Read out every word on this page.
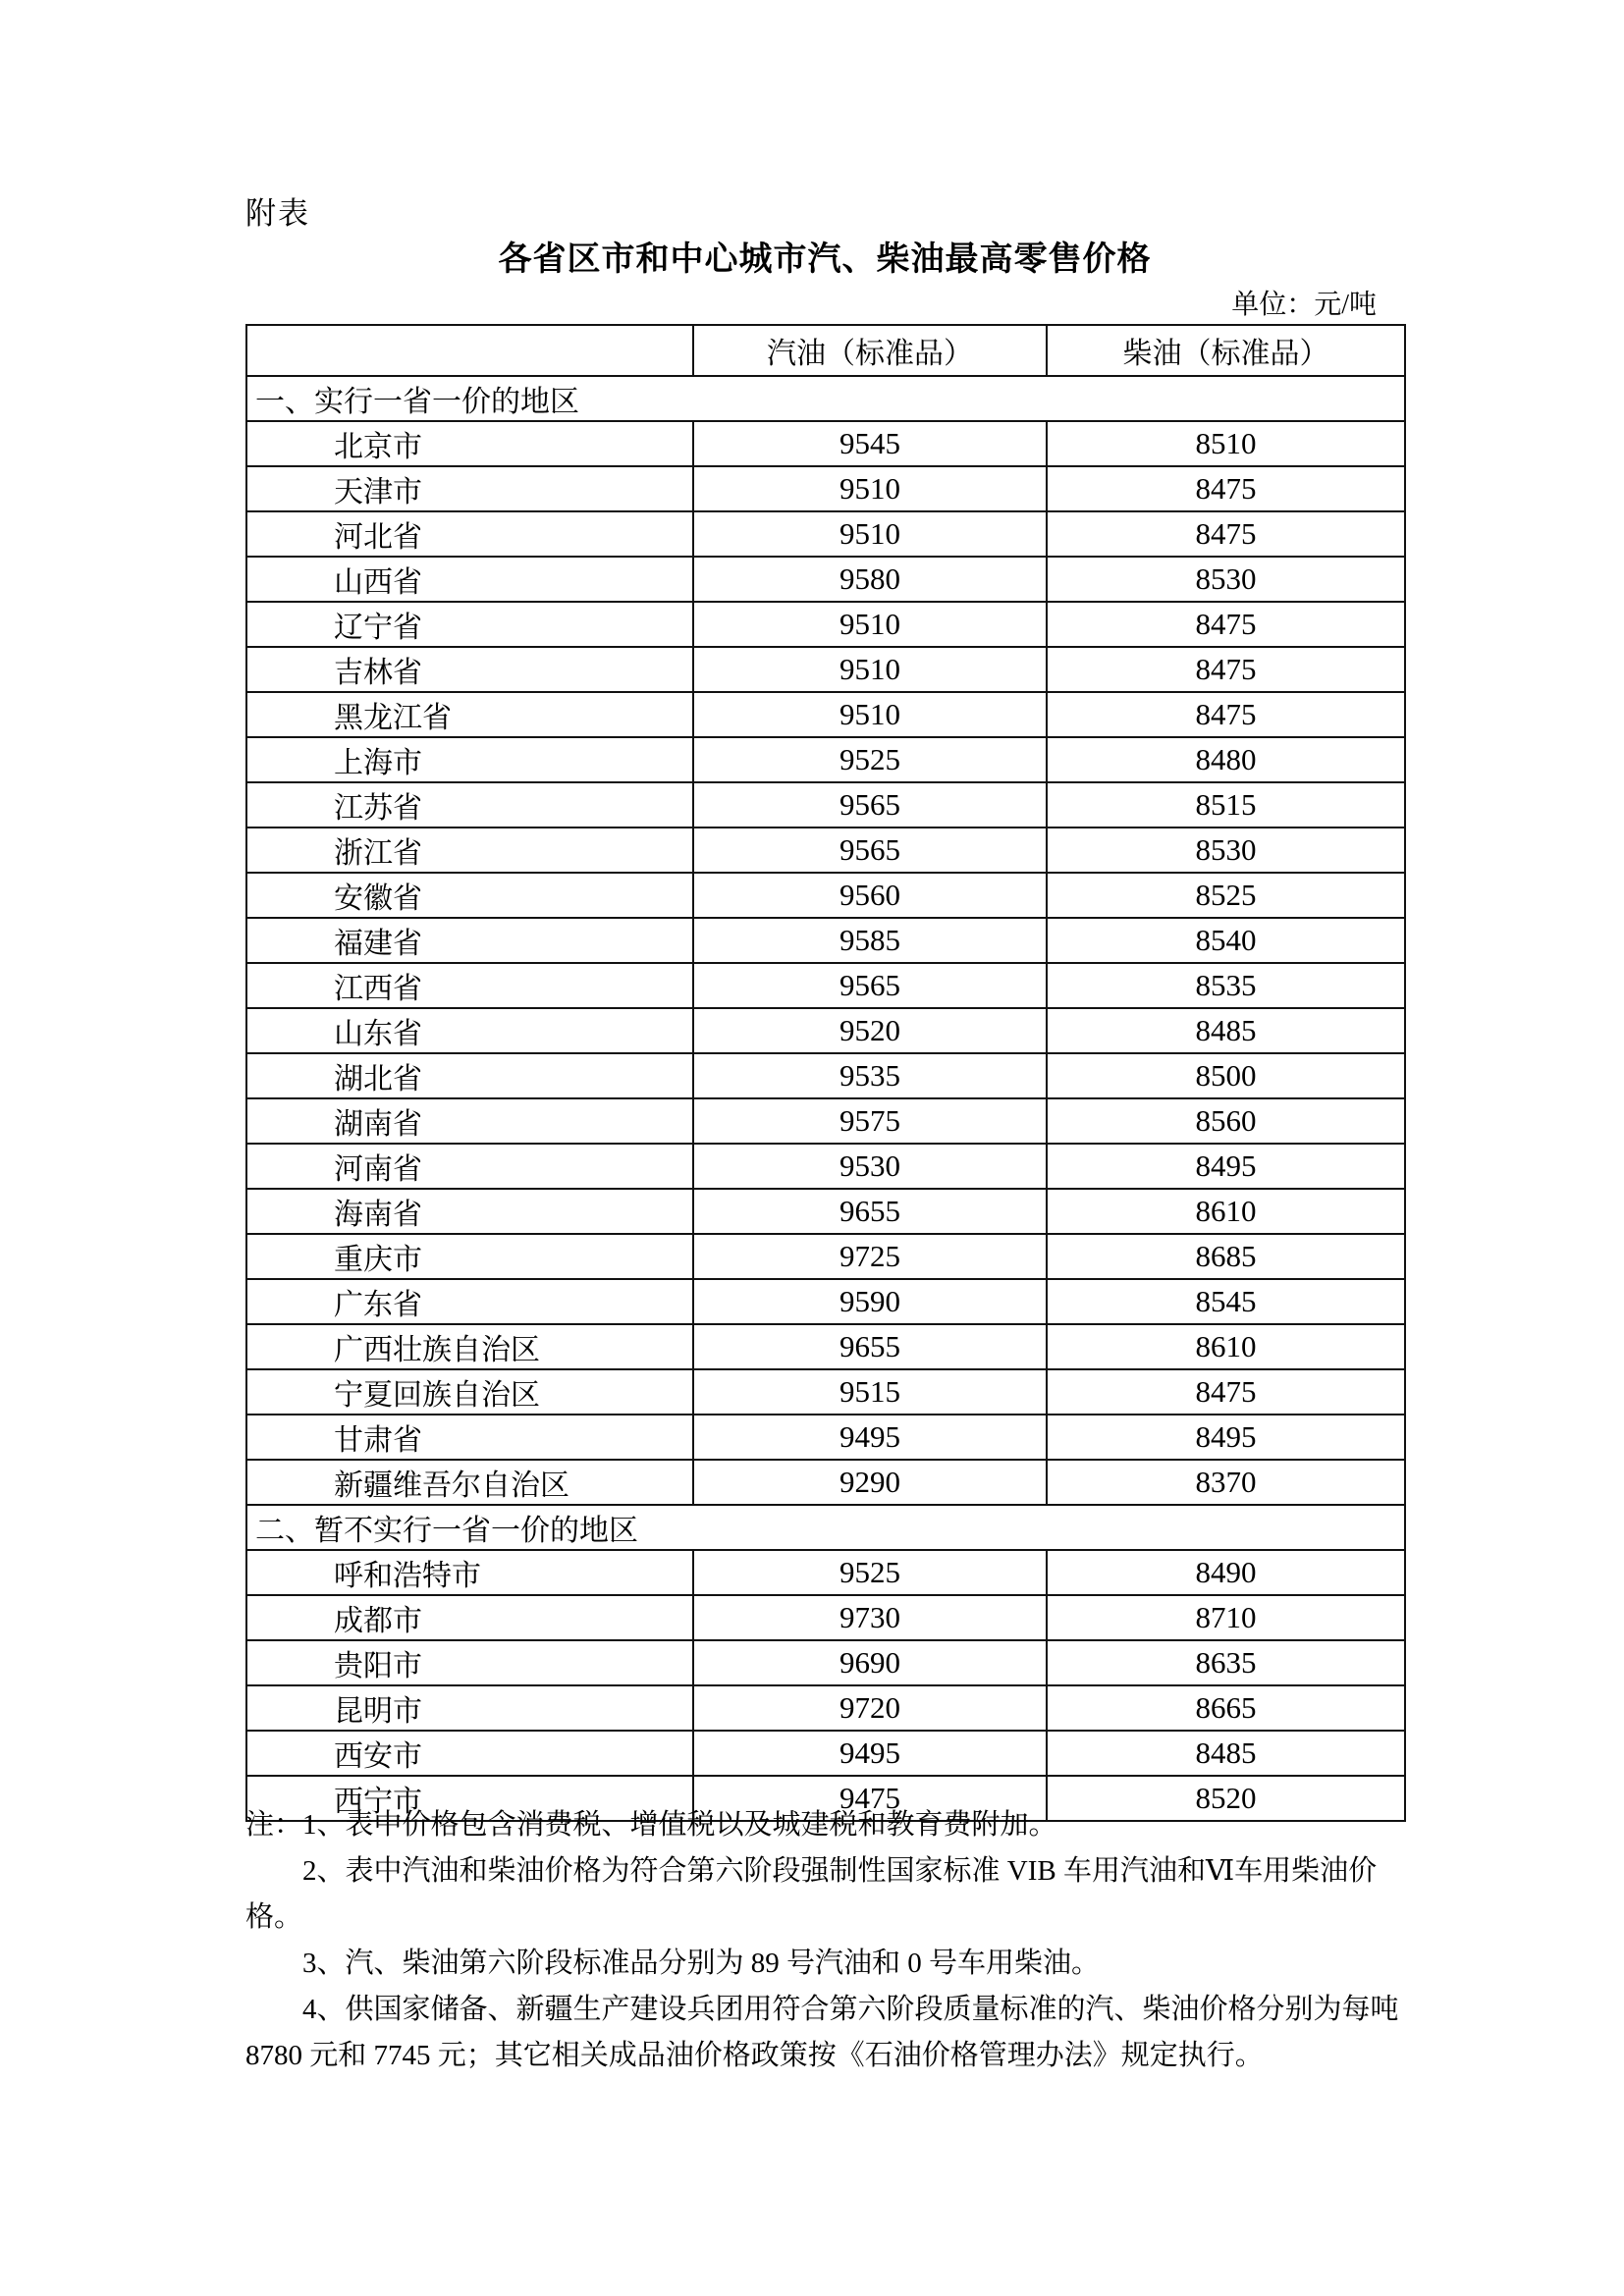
附表
各省区市和中心城市汽、柴油最高零售价格
单位：元/吨
	汽油（标准品）	柴油（标准品）
一、实行一省一价的地区		
北京市	9545	8510
天津市	9510	8475
河北省	9510	8475
山西省	9580	8530
辽宁省	9510	8475
吉林省	9510	8475
黑龙江省	9510	8475
上海市	9525	8480
江苏省	9565	8515
浙江省	9565	8530
安徽省	9560	8525
福建省	9585	8540
江西省	9565	8535
山东省	9520	8485
湖北省	9535	8500
湖南省	9575	8560
河南省	9530	8495
海南省	9655	8610
重庆市	9725	8685
广东省	9590	8545
广西壮族自治区	9655	8610
宁夏回族自治区	9515	8475
甘肃省	9495	8495
新疆维吾尔自治区	9290	8370
二、暂不实行一省一价的地区		
呼和浩特市	9525	8490
成都市	9730	8710
贵阳市	9690	8635
昆明市	9720	8665
西安市	9495	8485
西宁市	9475	8520

注：1、表中价格包含消费税、增值税以及城建税和教育费附加。

2、表中汽油和柴油价格为符合第六阶段强制性国家标准 VIB 车用汽油和Ⅵ车用柴油价格。

3、汽、柴油第六阶段标准品分别为 89 号汽油和 0 号车用柴油。

4、供国家储备、新疆生产建设兵团用符合第六阶段质量标准的汽、柴油价格分别为每吨 8780 元和 7745 元；其它相关成品油价格政策按《石油价格管理办法》规定执行。
